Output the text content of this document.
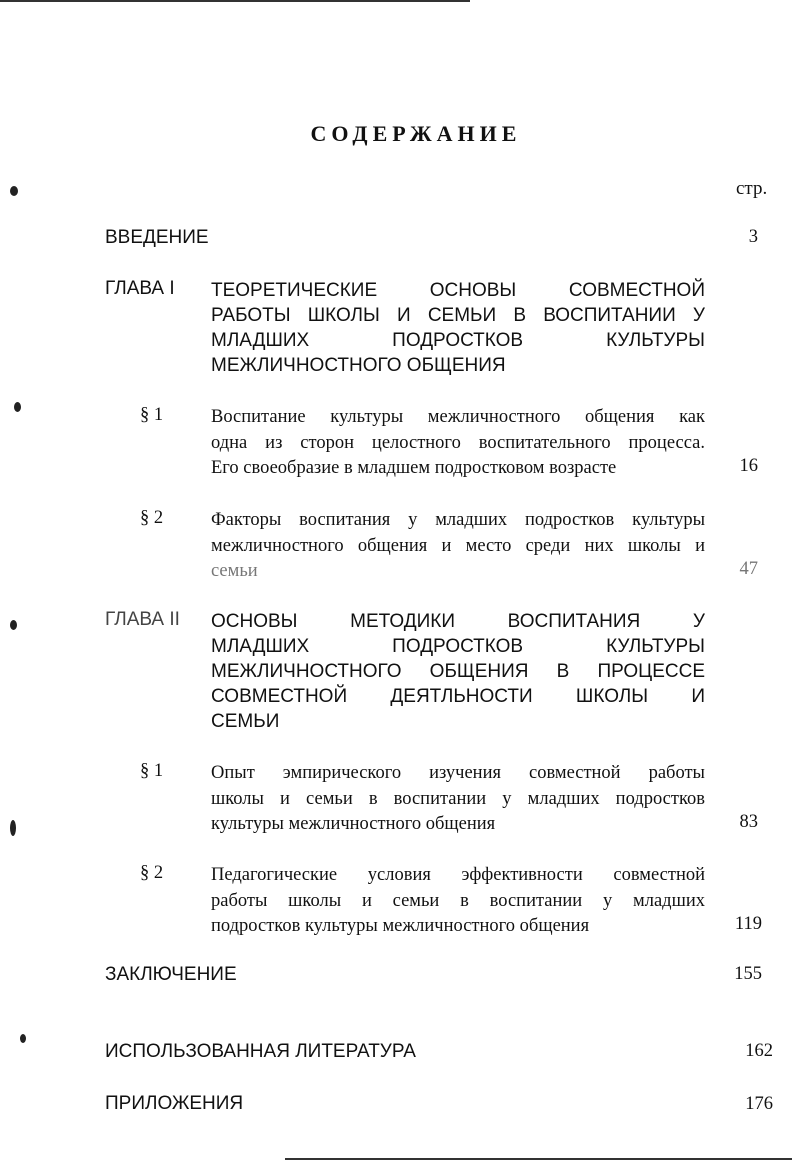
СОДЕРЖАНИЕ
стр.
ВВЕДЕНИЕ	3
ГЛАВА I ТЕОРЕТИЧЕСКИЕ ОСНОВЫ СОВМЕСТНОЙ
РАБОТЫ ШКОЛЫ И СЕМЬИ В ВОСПИТАНИИ У
МЛАДШИХ ПОДРОСТКОВ КУЛЬТУРЫ
МЕЖЛИЧНОСТНОГО ОБЩЕНИЯ
§ 1	Воспитание культуры межличностного общения как
одна из сторон целостного воспитательного процесса.
Его своеобразие в младшем подростковом возрасте	16
§ 2	Факторы воспитания у младших подростков культуры
межличностного общения и место среди них школы и
семьи	47
ГЛАВА II ОСНОВЫ МЕТОДИКИ ВОСПИТАНИЯ У
МЛАДШИХ ПОДРОСТКОВ КУЛЬТУРЫ
МЕЖЛИЧНОСТНОГО ОБЩЕНИЯ В ПРОЦЕССЕ
СОВМЕСТНОЙ ДЕЯТЛЬНОСТИ ШКОЛЫ И
СЕМЬИ
§ 1	Опыт эмпирического изучения совместной работы
школы и семьи в воспитании у младших подростков
культуры межличностного общения	83
§ 2	Педагогические условия эффективности совместной
работы школы и семьи в воспитании у младших
подростков культуры межличностного общения	119
ЗАКЛЮЧЕНИЕ	155
ИСПОЛЬЗОВАННАЯ ЛИТЕРАТУРА	162
ПРИЛОЖЕНИЯ	176
